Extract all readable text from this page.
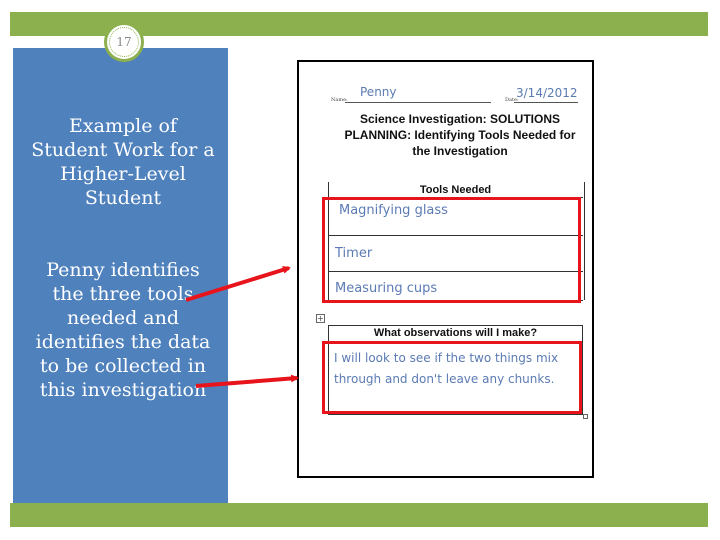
17
Example of Student Work for a Higher-Level Student
Penny identifies the three tools needed and identifies the data to be collected in this investigation
Name:
Penny
Date:
3/14/2012
Science Investigation: SOLUTIONS
PLANNING: Identifying Tools Needed for
the Investigation
Tools Needed
Magnifying glass
Timer
Measuring cups
+
What observations will I make?
I will look to see if the two things mix through and don't leave any chunks.
